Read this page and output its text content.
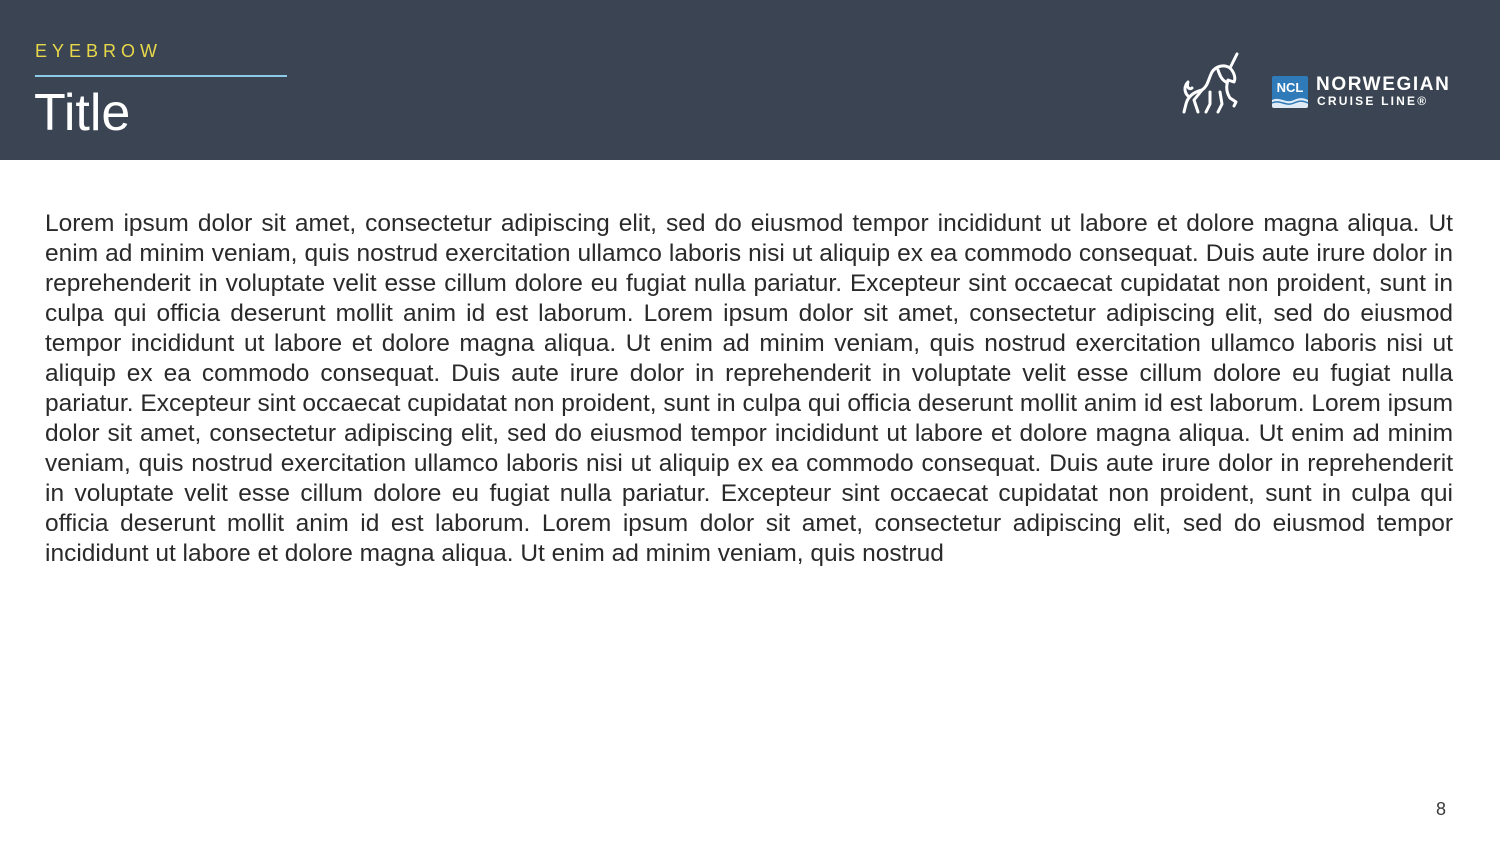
EYEBROW
Title	NCL NORWEGIAN
CRUISE LINE®

Lorem ipsum dolor sit amet, consectetur adipiscing elit, sed do eiusmod tempor incididunt ut labore et dolore magna aliqua. Ut enim ad minim veniam, quis nostrud exercitation ullamco laboris nisi ut aliquip ex ea commodo consequat. Duis aute irure dolor in reprehenderit in voluptate velit esse cillum dolore eu fugiat nulla pariatur. Excepteur sint occaecat cupidatat non proident, sunt in culpa qui officia deserunt mollit anim id est laborum. Lorem ipsum dolor sit amet, consectetur adipiscing elit, sed do eiusmod tempor incididunt ut labore et dolore magna aliqua. Ut enim ad minim veniam, quis nostrud exercitation ullamco laboris nisi ut aliquip ex ea commodo consequat. Duis aute irure dolor in reprehenderit in voluptate velit esse cillum dolore eu fugiat nulla pariatur. Excepteur sint occaecat cupidatat non proident, sunt in culpa qui officia deserunt mollit anim id est laborum. Lorem ipsum dolor sit amet, consectetur adipiscing elit, sed do eiusmod tempor incididunt ut labore et dolore magna aliqua. Ut enim ad minim veniam, quis nostrud exercitation ullamco laboris nisi ut aliquip ex ea commodo consequat. Duis aute irure dolor in reprehenderit in voluptate velit esse cillum dolore eu fugiat nulla pariatur. Excepteur sint occaecat cupidatat non proident, sunt in culpa qui officia deserunt mollit anim id est laborum. Lorem ipsum dolor sit amet, consectetur adipiscing elit, sed do eiusmod tempor incididunt ut labore et dolore magna aliqua. Ut enim ad minim veniam, quis nostrud

8
